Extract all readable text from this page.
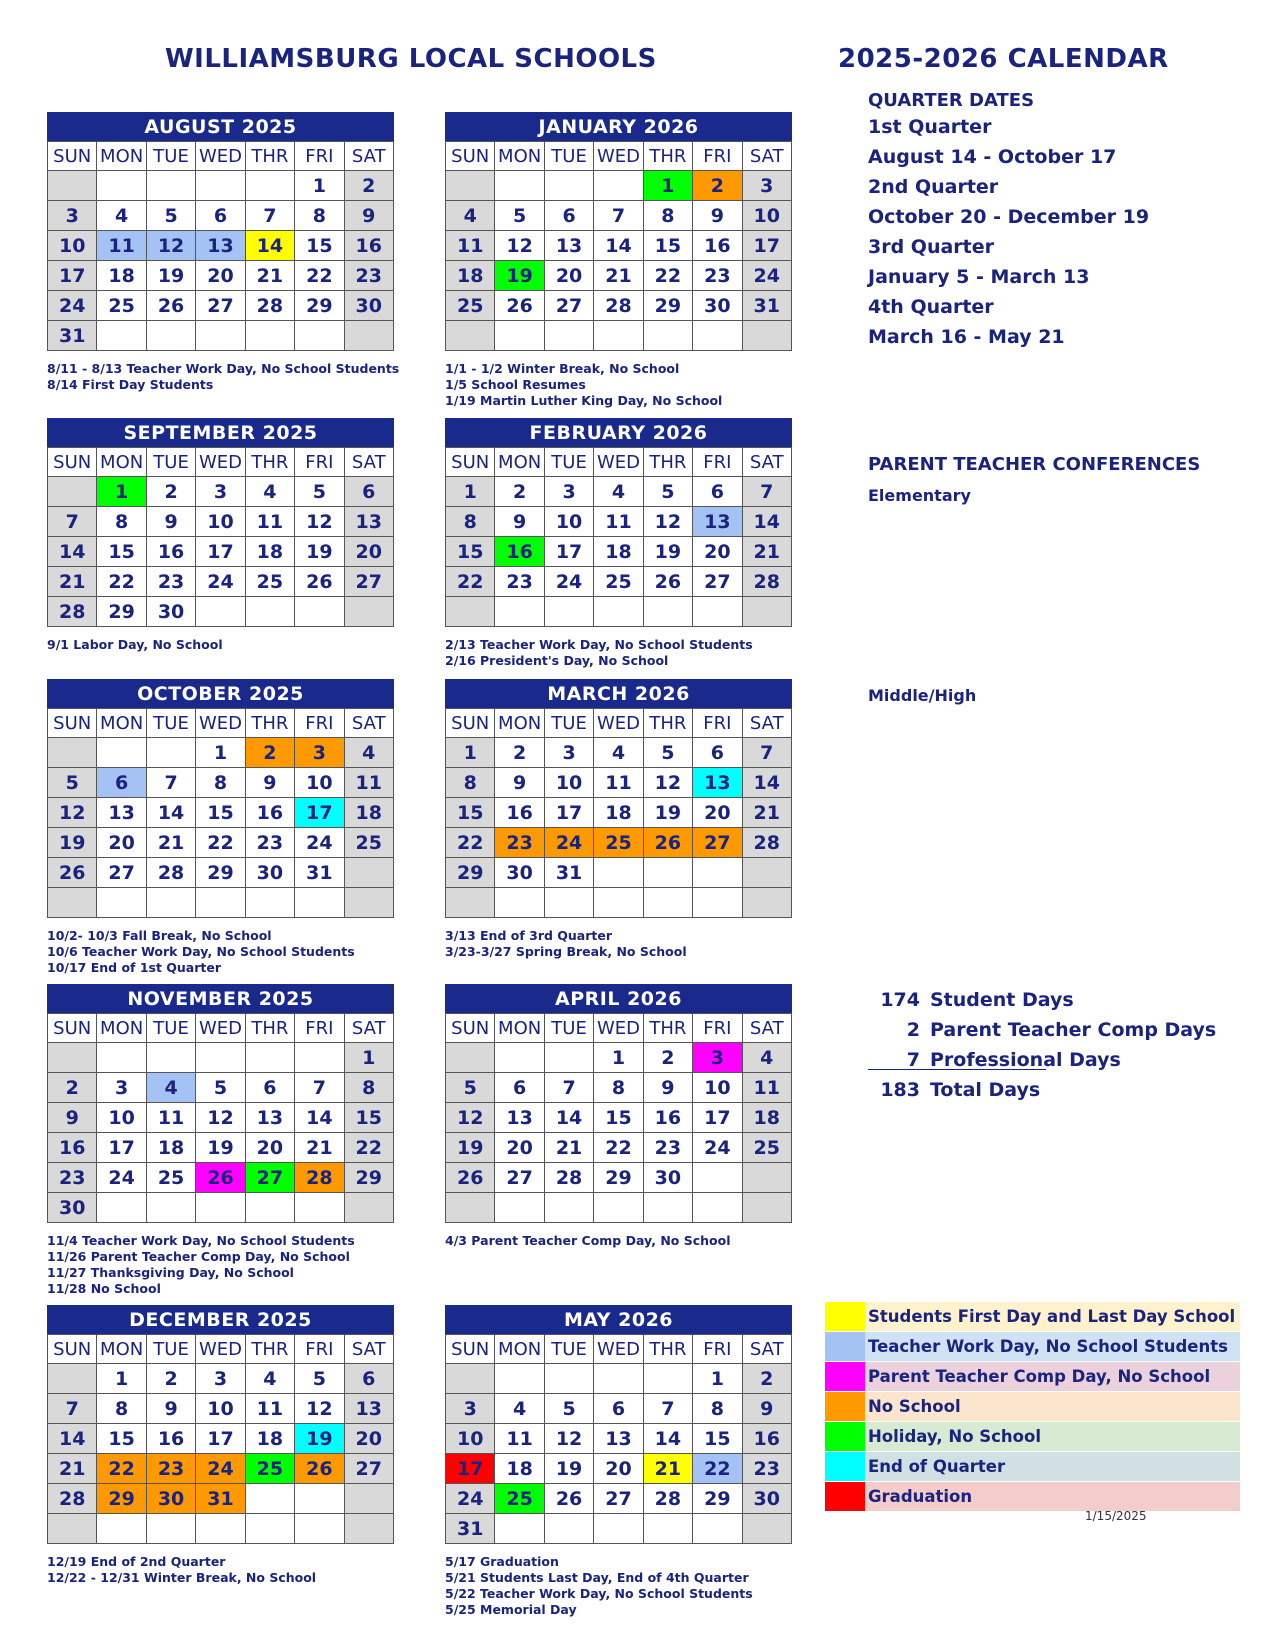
WILLIAMSBURG LOCAL SCHOOLS	2025-2026 CALENDAR
AUGUST 2025
SUN	MON	TUE	WED	THR	FRI	SAT
					1	2
3	4	5	6	7	8	9
10	11	12	13	14	15	16
17	18	19	20	21	22	23
24	25	26	27	28	29	30
31						
8/11 - 8/13 Teacher Work Day, No School Students
8/14 First Day Students
JANUARY 2026
SUN	MON	TUE	WED	THR	FRI	SAT
				1	2	3
4	5	6	7	8	9	10
11	12	13	14	15	16	17
18	19	20	21	22	23	24
25	26	27	28	29	30	31

1/1 - 1/2 Winter Break, No School
1/5 School Resumes
1/19 Martin Luther King Day, No School
SEPTEMBER 2025
SUN	MON	TUE	WED	THR	FRI	SAT
	1	2	3	4	5	6
7	8	9	10	11	12	13
14	15	16	17	18	19	20
21	22	23	24	25	26	27
28	29	30				
9/1 Labor Day, No School
FEBRUARY 2026
SUN	MON	TUE	WED	THR	FRI	SAT
1	2	3	4	5	6	7
8	9	10	11	12	13	14
15	16	17	18	19	20	21
22	23	24	25	26	27	28

2/13 Teacher Work Day, No School Students
2/16 President's Day, No School
OCTOBER 2025
SUN	MON	TUE	WED	THR	FRI	SAT
			1	2	3	4
5	6	7	8	9	10	11
12	13	14	15	16	17	18
19	20	21	22	23	24	25
26	27	28	29	30	31	

10/2- 10/3 Fall Break, No School
10/6 Teacher Work Day, No School Students
10/17 End of 1st Quarter
MARCH 2026
SUN	MON	TUE	WED	THR	FRI	SAT
1	2	3	4	5	6	7
8	9	10	11	12	13	14
15	16	17	18	19	20	21
22	23	24	25	26	27	28
29	30	31				

3/13 End of 3rd Quarter
3/23-3/27 Spring Break, No School
NOVEMBER 2025
SUN	MON	TUE	WED	THR	FRI	SAT
						1
2	3	4	5	6	7	8
9	10	11	12	13	14	15
16	17	18	19	20	21	22
23	24	25	26	27	28	29
30						
11/4 Teacher Work Day, No School Students
11/26 Parent Teacher Comp Day, No School
11/27 Thanksgiving Day, No School
11/28 No School
APRIL 2026
SUN	MON	TUE	WED	THR	FRI	SAT
			1	2	3	4
5	6	7	8	9	10	11
12	13	14	15	16	17	18
19	20	21	22	23	24	25
26	27	28	29	30		

4/3 Parent Teacher Comp Day, No School
DECEMBER 2025
SUN	MON	TUE	WED	THR	FRI	SAT
	1	2	3	4	5	6
7	8	9	10	11	12	13
14	15	16	17	18	19	20
21	22	23	24	25	26	27
28	29	30	31			

12/19 End of 2nd Quarter
12/22 - 12/31 Winter Break, No School
MAY 2026
SUN	MON	TUE	WED	THR	FRI	SAT
					1	2
3	4	5	6	7	8	9
10	11	12	13	14	15	16
17	18	19	20	21	22	23
24	25	26	27	28	29	30
31						
5/17 Graduation
5/21 Students Last Day, End of 4th Quarter
5/22 Teacher Work Day, No School Students
5/25 Memorial Day
QUARTER DATES
1st Quarter
August 14 - October 17
2nd Quarter
October 20 - December 19
3rd Quarter
January 5 - March 13
4th Quarter
March 16 - May 21
PARENT TEACHER CONFERENCES
Elementary
Middle/High
174 Student Days
2 Parent Teacher Comp Days
7 Professional Days
183 Total Days
Students First Day and Last Day School
Teacher Work Day, No School Students
Parent Teacher Comp Day, No School
No School
Holiday, No School
End of Quarter
Graduation
1/15/2025
